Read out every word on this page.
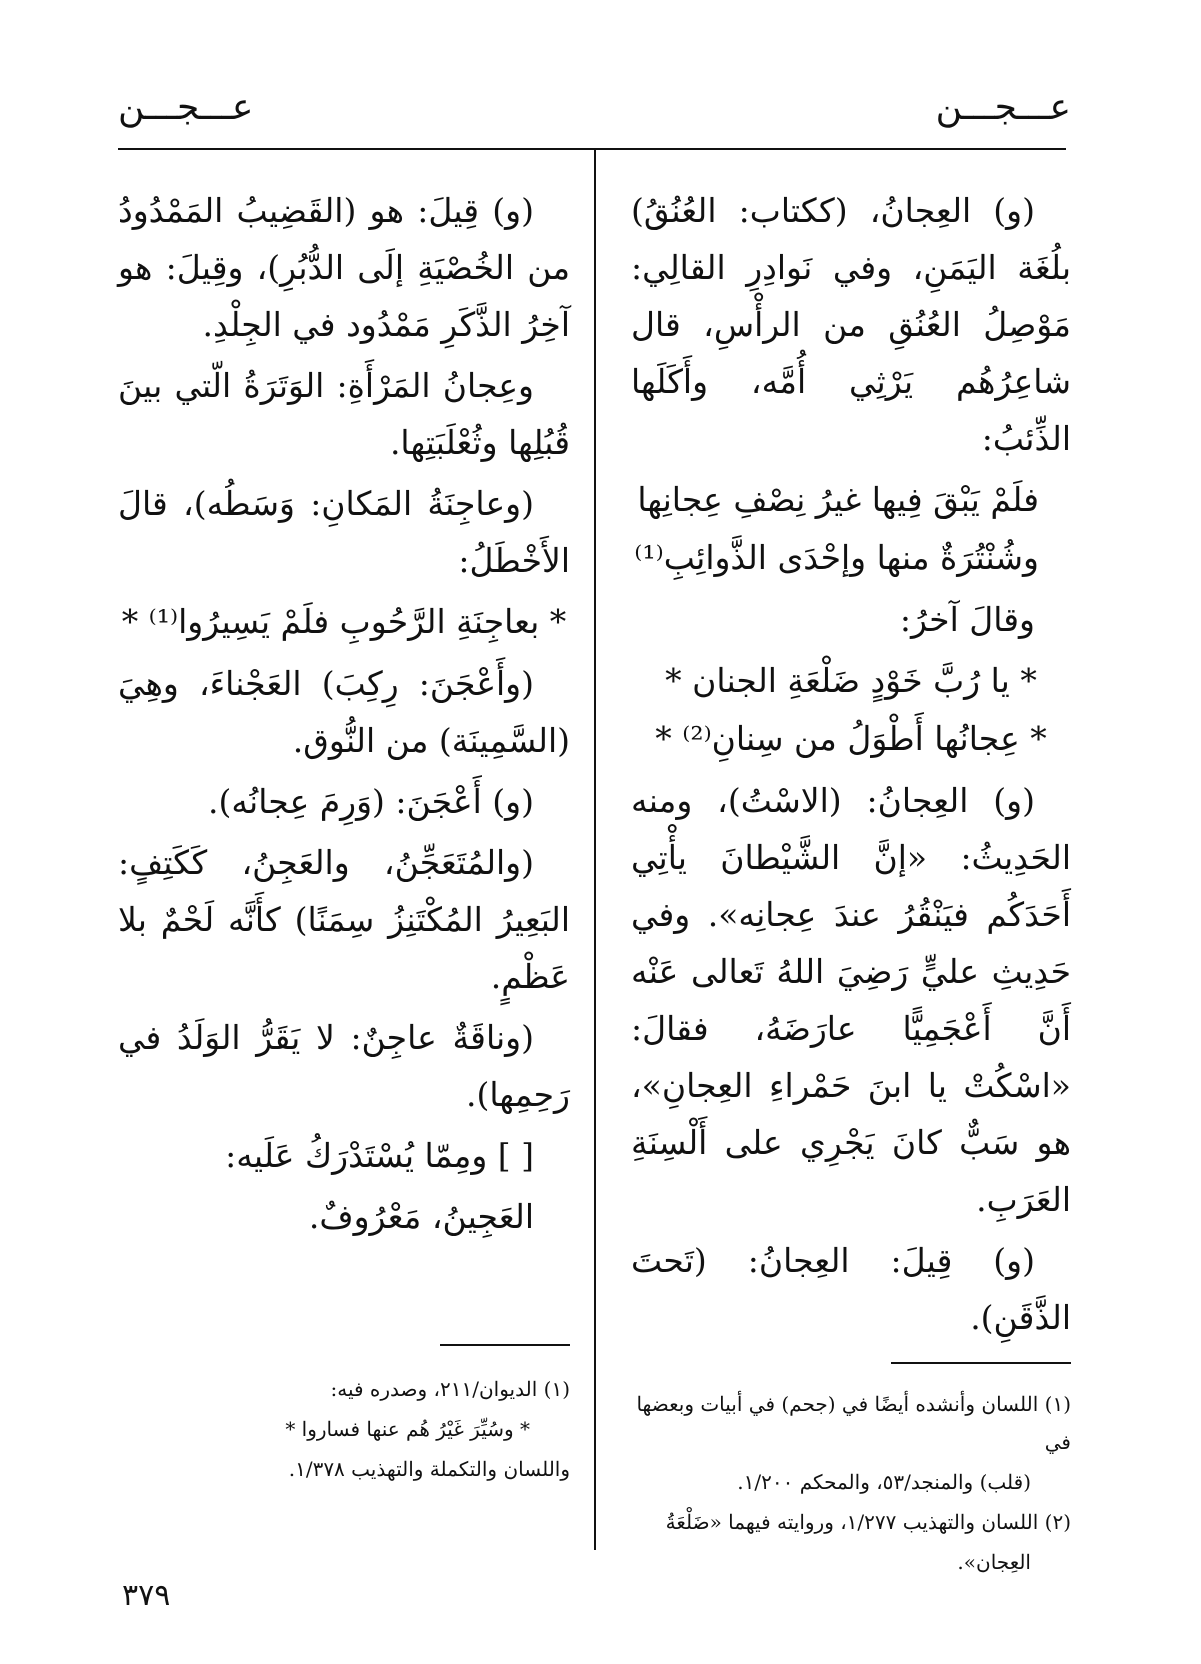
عـــجـــن
عـــجـــن

(و) العِجانُ، (ككتاب: العُنُقُ) بلُغَة اليَمَنِ، وفي نَوادِرِ القالِي: مَوْصِلُ العُنُقِ من الرأْسِ، قال شاعِرُهُم يَرْثِي أُمَّه، وأَكَلَها الذِّئبُ:

فلَمْ يَبْقَ فِيها غيرُ نِصْفِ عِجانِها
وشُنْتُرَةٌ منها وإحْدَى الذَّوائِبِ⁽¹⁾

وقالَ آخرُ:

* يا رُبَّ خَوْدٍ ضَلْعَةِ الجنان *
* عِجانُها أَطْوَلُ من سِنانِ⁽²⁾ *

(و) العِجانُ: (الاسْتُ)، ومنه الحَدِيثُ: «إنَّ الشَّيْطانَ يأْتِي أَحَدَكُم فيَنْقُرُ عندَ عِجانِه». وفي حَدِيثِ عليٍّ رَضِيَ اللهُ تَعالى عَنْه أَنَّ أَعْجَمِيًّا عارَضَهُ، فقالَ: «اسْكُتْ يا ابنَ حَمْراءِ العِجانِ»، هو سَبٌّ كانَ يَجْرِي على أَلْسِنَةِ العَرَبِ.

(و) قِيلَ: العِجانُ: (تَحتَ الذَّقَنِ).

(و) قِيلَ: هو (القَضِيبُ المَمْدُودُ من الخُصْيَةِ إلَى الدُّبُرِ)، وقِيلَ: هو آخِرُ الذَّكَرِ مَمْدُود في الجِلْدِ.

وعِجانُ المَرْأَةِ: الوَتَرَةُ الّتي بينَ قُبُلِها وثُعْلَبَتِها.

(وعاجِنَةُ المَكانِ: وَسَطُه)، قالَ الأَخْطَلُ:

* بعاجِنَةِ الرَّحُوبِ فلَمْ يَسِيرُوا⁽¹⁾ *

(وأَعْجَنَ: رِكِبَ) العَجْناءَ، وهِيَ (السَّمِينَة) من النُّوق.

(و) أَعْجَنَ: (وَرِمَ عِجانُه).

(والمُتَعَجِّنُ، والعَجِنُ، كَكَتِفٍ: البَعِيرُ المُكْتَنِزُ سِمَنًا) كأَنَّه لَحْمٌ بلا عَظْمٍ.

(وناقَةٌ عاجِنٌ: لا يَقَرُّ الوَلَدُ في رَحِمِها).

[ ] ومِمّا يُسْتَدْرَكُ عَلَيه:

العَجِينُ، مَعْرُوفٌ.

(١) اللسان وأنشده أيضًا في (جحم) في أبيات وبعضها في
(قلب) والمنجد/٥٣، والمحكم ١/٢٠٠.
(٢) اللسان والتهذيب ١/٢٧٧، وروايته فيهما «ضَلْعَةُ
العِجان».
(١) الديوان/٢١١، وصدره فيه:
* وسُيِّرَ غَيْرُ هُم عنها فساروا *
واللسان والتكملة والتهذيب ١/٣٧٨.
٣٧٩
